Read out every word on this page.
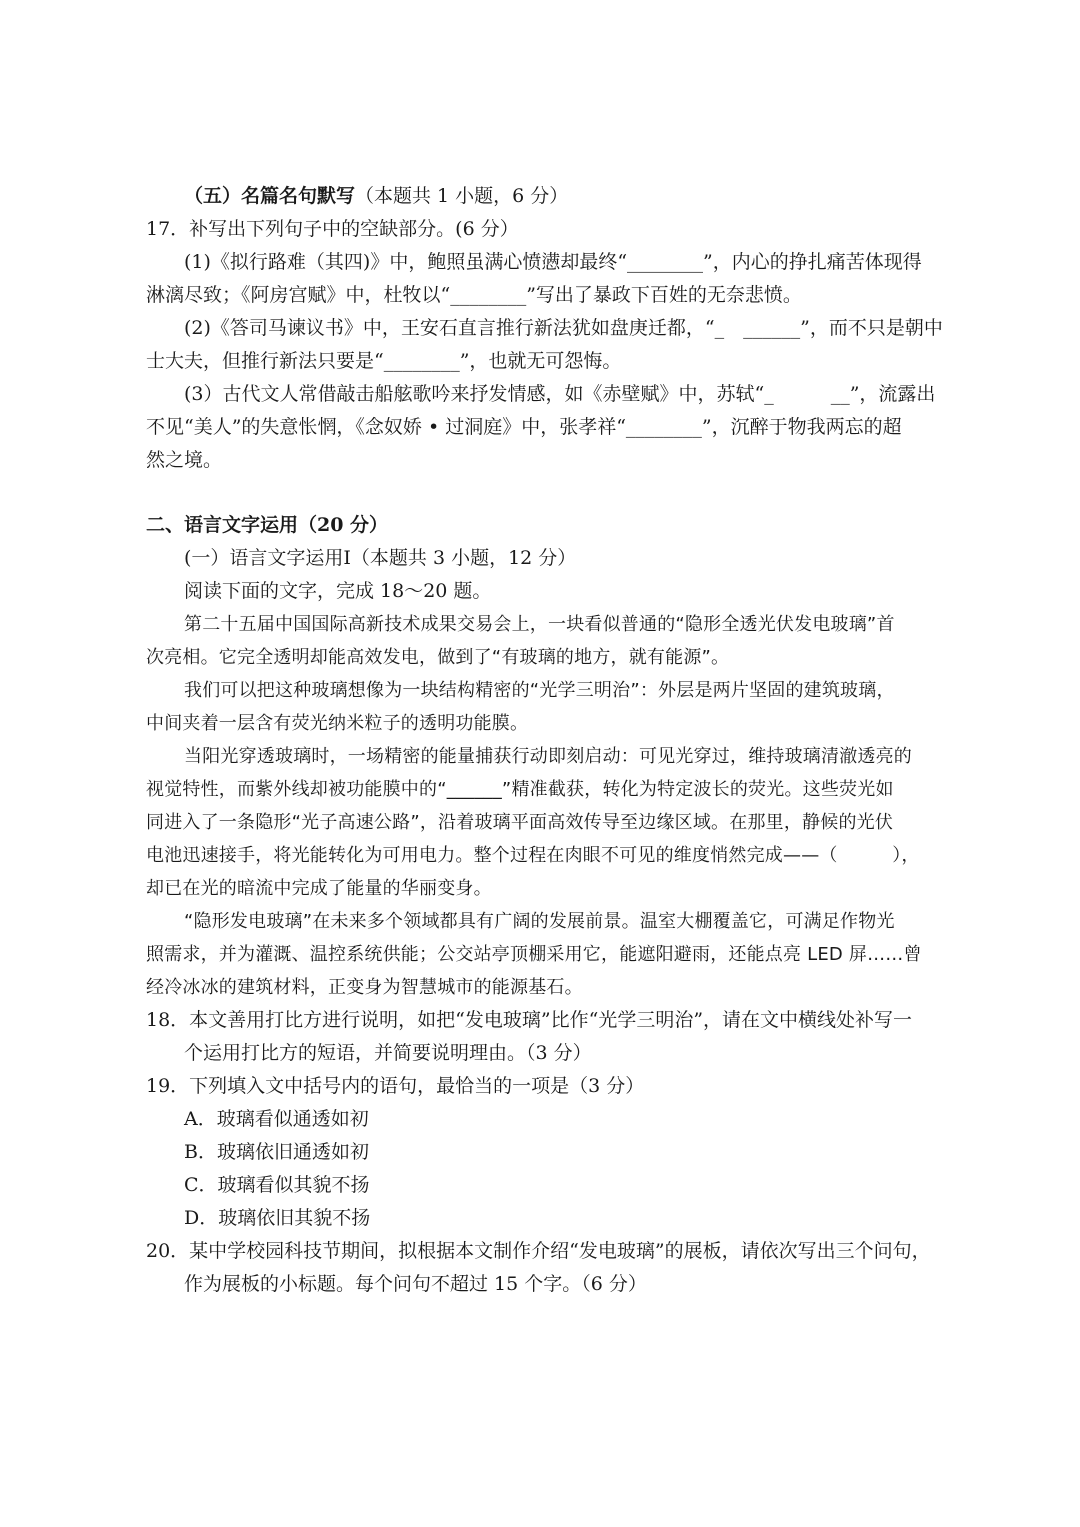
（五）名篇名句默写（本题共 1 小题，6 分）
17．补写出下列句子中的空缺部分。(6 分）
(1)《拟行路难（其四)》中，鲍照虽满心愤懑却最终“________”，内心的挣扎痛苦体现得
淋漓尽致；《阿房宫赋》中，杜牧以“________”写出了暴政下百姓的无奈悲愤。
(2)《答司马谏议书》中，王安石直言推行新法犹如盘庚迁都，“_　______”，而不只是朝中
士大夫，但推行新法只要是“________”，也就无可怨悔。
(3）古代文人常借敲击船舷歌吟来抒发情感，如《赤壁赋》中，苏轼“_　　　__”，流露出
不见“美人”的失意怅惘，《念奴娇 • 过洞庭》中，张孝祥“________”，沉醉于物我两忘的超
然之境。
二、语言文字运用（20 分）
(一）语言文字运用Ⅰ（本题共 3 小题，12 分）
阅读下面的文字，完成 18～20 题。
第二十五届中国国际高新技术成果交易会上，一块看似普通的“隐形全透光伏发电玻璃”首
次亮相。它完全透明却能高效发电，做到了“有玻璃的地方，就有能源”。
我们可以把这种玻璃想像为一块结构精密的“光学三明治”：外层是两片坚固的建筑玻璃，
中间夹着一层含有荧光纳米粒子的透明功能膜。
当阳光穿透玻璃时，一场精密的能量捕获行动即刻启动：可见光穿过，维持玻璃清澈透亮的
视觉特性，而紫外线却被功能膜中的“______”精准截获，转化为特定波长的荧光。这些荧光如
同进入了一条隐形“光子高速公路”，沿着玻璃平面高效传导至边缘区域。在那里，静候的光伏
电池迅速接手，将光能转化为可用电力。整个过程在肉眼不可见的维度悄然完成——（　　　），
却已在光的暗流中完成了能量的华丽变身。
“隐形发电玻璃”在未来多个领域都具有广阔的发展前景。温室大棚覆盖它，可满足作物光
照需求，并为灌溉、温控系统供能；公交站亭顶棚采用它，能遮阳避雨，还能点亮 LED 屏……曾
经冷冰冰的建筑材料，正变身为智慧城市的能源基石。
18．本文善用打比方进行说明，如把“发电玻璃”比作“光学三明治”，请在文中横线处补写一
个运用打比方的短语，并简要说明理由。（3 分）
19．下列填入文中括号内的语句，最恰当的一项是（3 分）
A．玻璃看似通透如初
B．玻璃依旧通透如初
C．玻璃看似其貌不扬
D．玻璃依旧其貌不扬
20．某中学校园科技节期间，拟根据本文制作介绍“发电玻璃”的展板，请依次写出三个问句，
作为展板的小标题。每个问句不超过 15 个字。（6 分）
